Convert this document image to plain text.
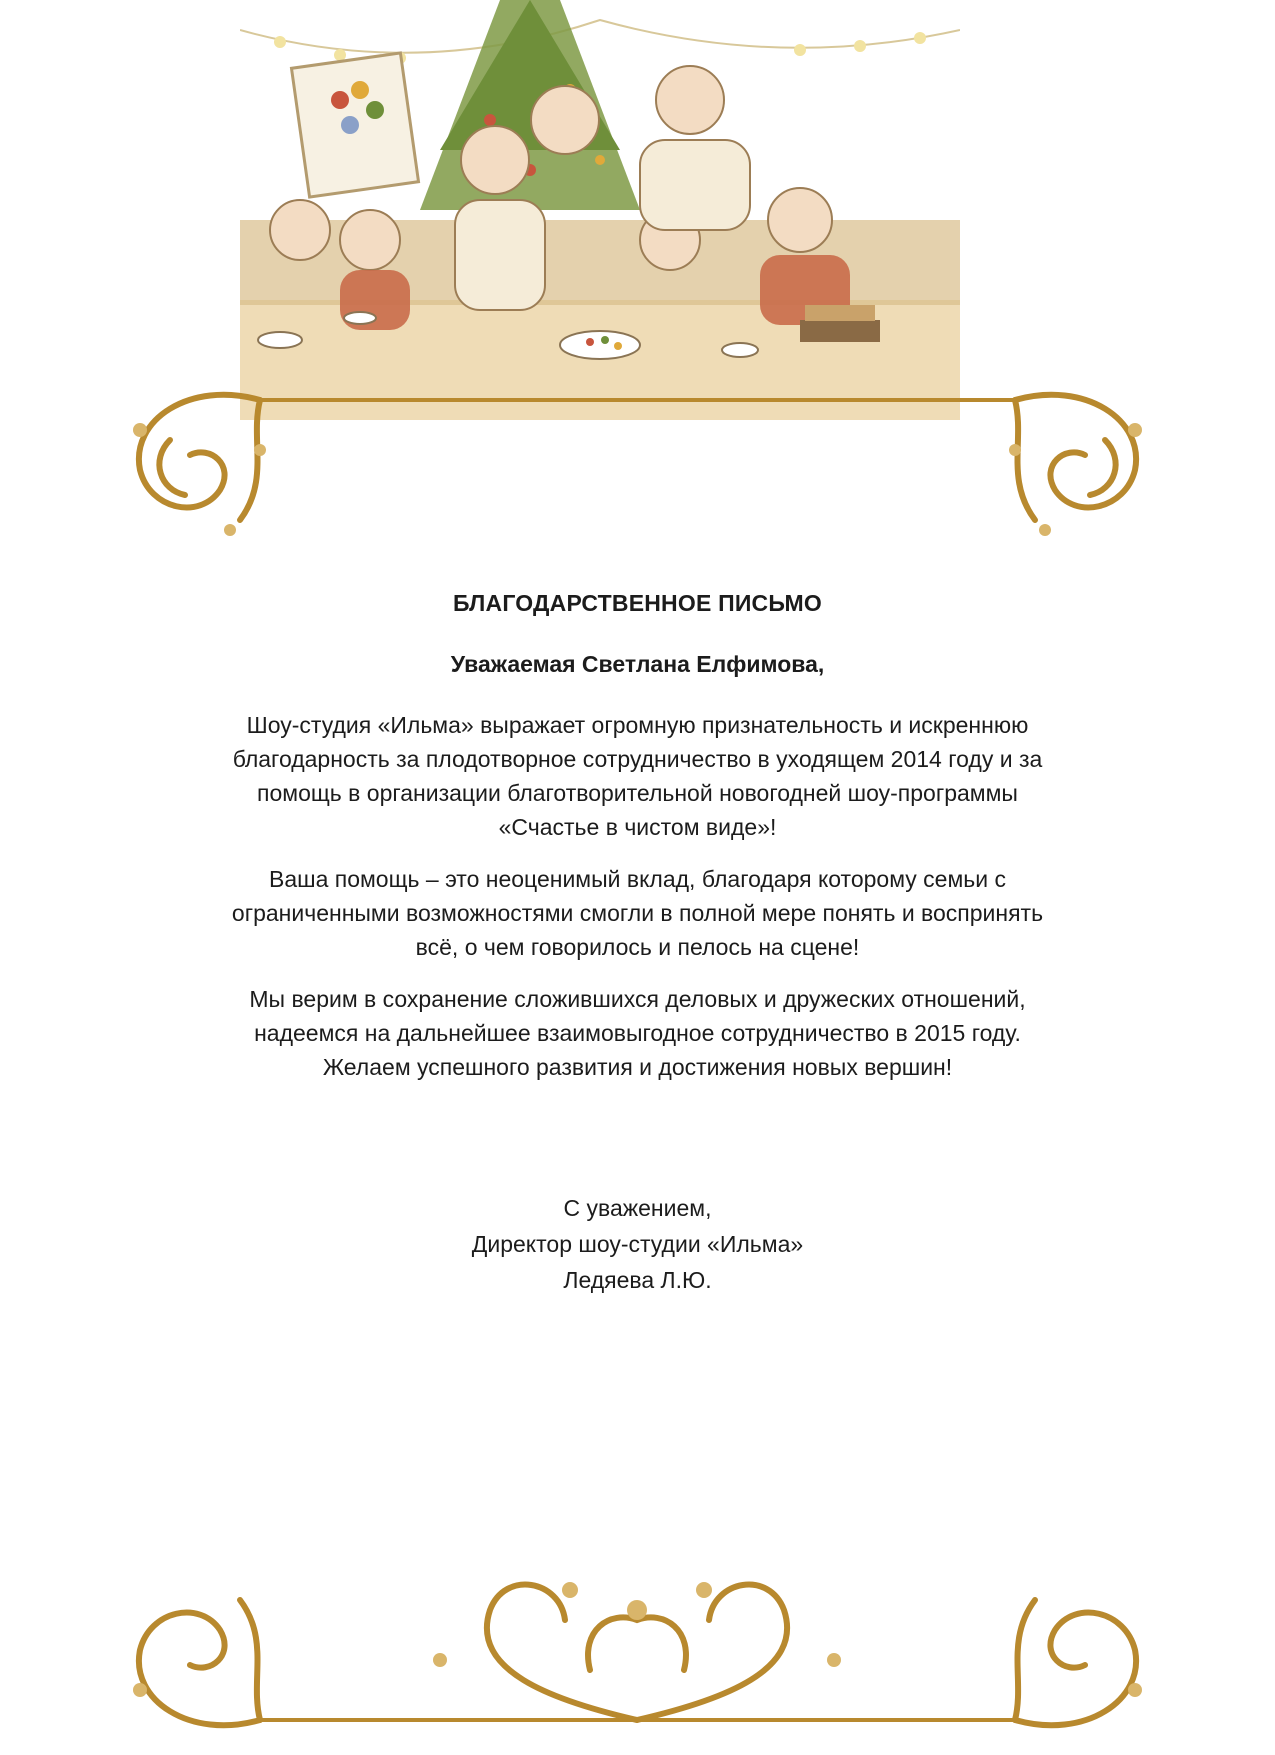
БЛАГОДАРСТВЕННОЕ ПИСЬМО
Уважаемая Светлана Елфимова,
Шоу-студия «Ильма» выражает огромную признательность и искреннюю
благодарность за плодотворное сотрудничество в уходящем 2014 году и за
помощь в организации благотворительной новогодней шоу-программы
«Счастье в чистом виде»!
Ваша помощь – это неоценимый вклад, благодаря которому семьи с
ограниченными возможностями смогли в полной мере понять и воспринять
всё, о чем говорилось и пелось на сцене!
Мы верим в сохранение сложившихся деловых и дружеских отношений,
надеемся на дальнейшее взаимовыгодное сотрудничество в 2015 году.
Желаем успешного развития и достижения новых вершин!
С уважением,
Директор шоу-студии «Ильма»
Ледяева Л.Ю.
